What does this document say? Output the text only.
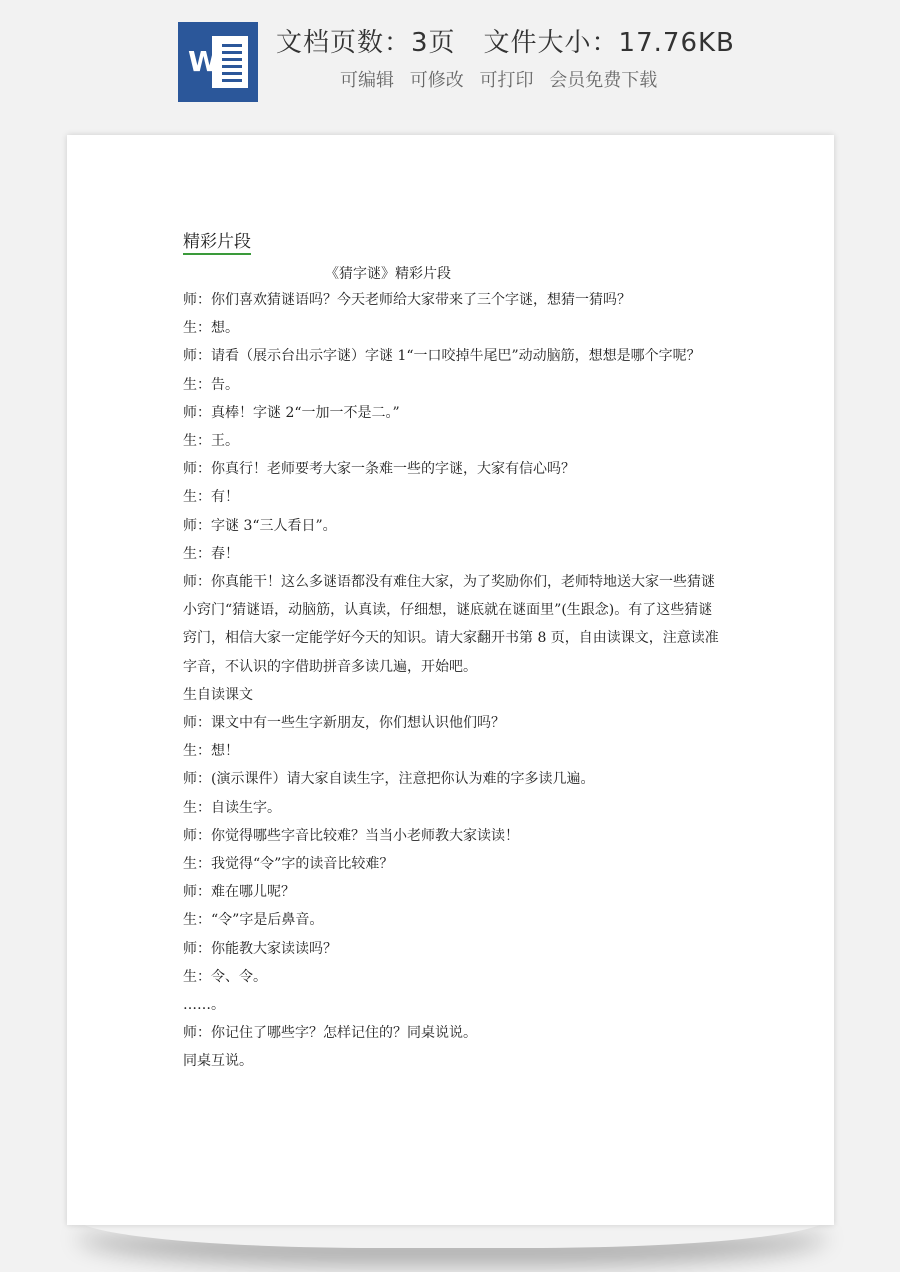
W
文档页数：3页 文件大小：17.76KB
可编辑 可修改 可打印 会员免费下载
精彩片段
《猜字谜》精彩片段

师：你们喜欢猜谜语吗？今天老师给大家带来了三个字谜，想猜一猜吗？

生：想。

师：请看（展示台出示字谜）字谜 1“一口咬掉牛尾巴”动动脑筋，想想是哪个字呢？

生：告。

师：真棒！字谜 2“一加一不是二。”

生：王。

师：你真行！老师要考大家一条难一些的字谜，大家有信心吗？

生：有！

师：字谜 3“三人看日”。

生：春！

师：你真能干！这么多谜语都没有难住大家，为了奖励你们，老师特地送大家一些猜谜小窍门“猜谜语，动脑筋，认真读，仔细想，谜底就在谜面里”(生跟念)。有了这些猜谜窍门，相信大家一定能学好今天的知识。请大家翻开书第 8 页，自由读课文，注意读准字音，不认识的字借助拼音多读几遍，开始吧。

生自读课文

师：课文中有一些生字新朋友，你们想认识他们吗？

生：想！

师：(演示课件）请大家自读生字，注意把你认为难的字多读几遍。

生：自读生字。

师：你觉得哪些字音比较难？当当小老师教大家读读！

生：我觉得“令”字的读音比较难？

师：难在哪儿呢？

生：“令”字是后鼻音。

师：你能教大家读读吗？

生：令、令。

……。

师：你记住了哪些字？怎样记住的？同桌说说。

同桌互说。
